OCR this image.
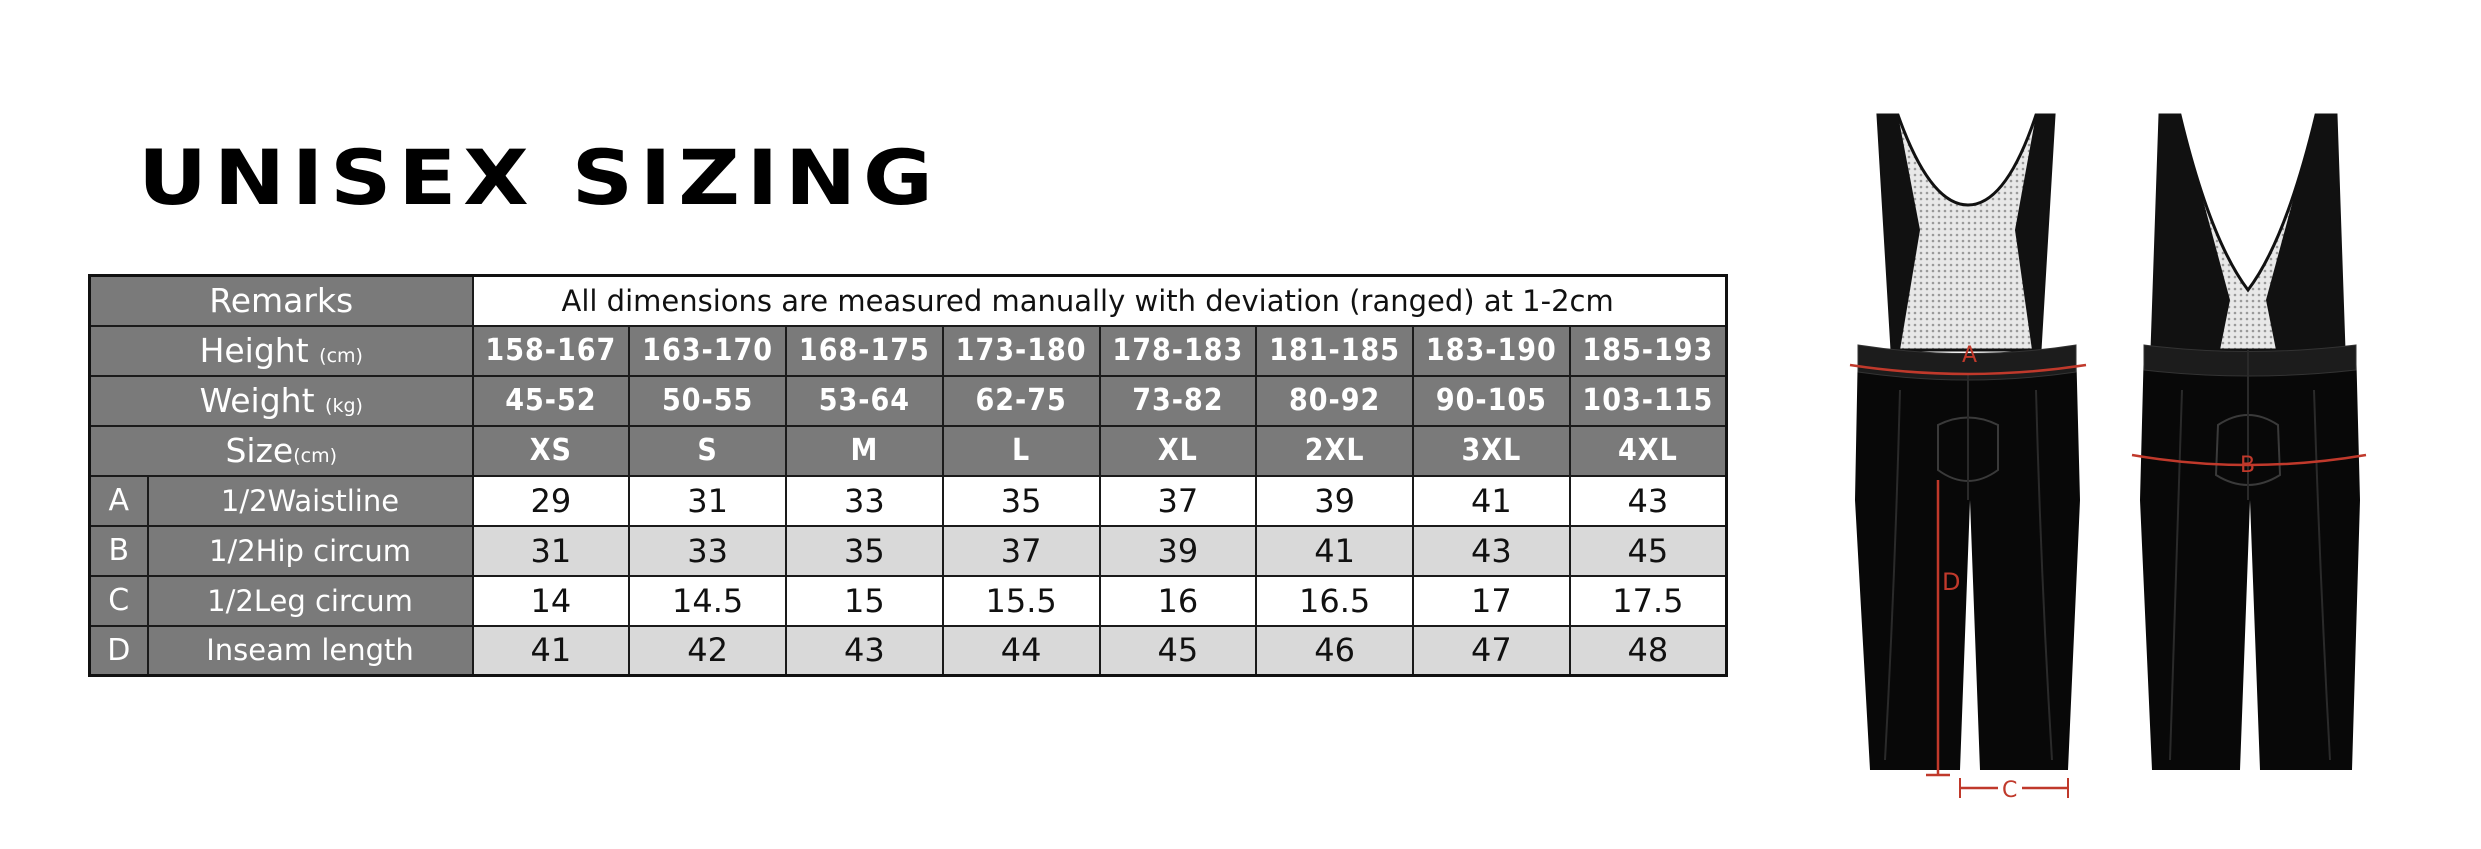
UNISEX SIZING
Remarks		All dimensions are measured manually with deviation (ranged) at 1-2cm							
Height (cm)		158-167	163-170	168-175	173-180	178-183	181-185	183-190	185-193
Weight (kg)		45-52	50-55	53-64	62-75	73-82	80-92	90-105	103-115
Size(cm)		XS	S	M	L	XL	2XL	3XL	4XL
A	1/2Waistline	29	31	33	35	37	39	41	43
B	1/2Hip circum	31	33	35	37	39	41	43	45
C	1/2Leg circum	14	14.5	15	15.5	16	16.5	17	17.5
D	Inseam length	41	42	43	44	45	46	47	48
A
D
C
B
